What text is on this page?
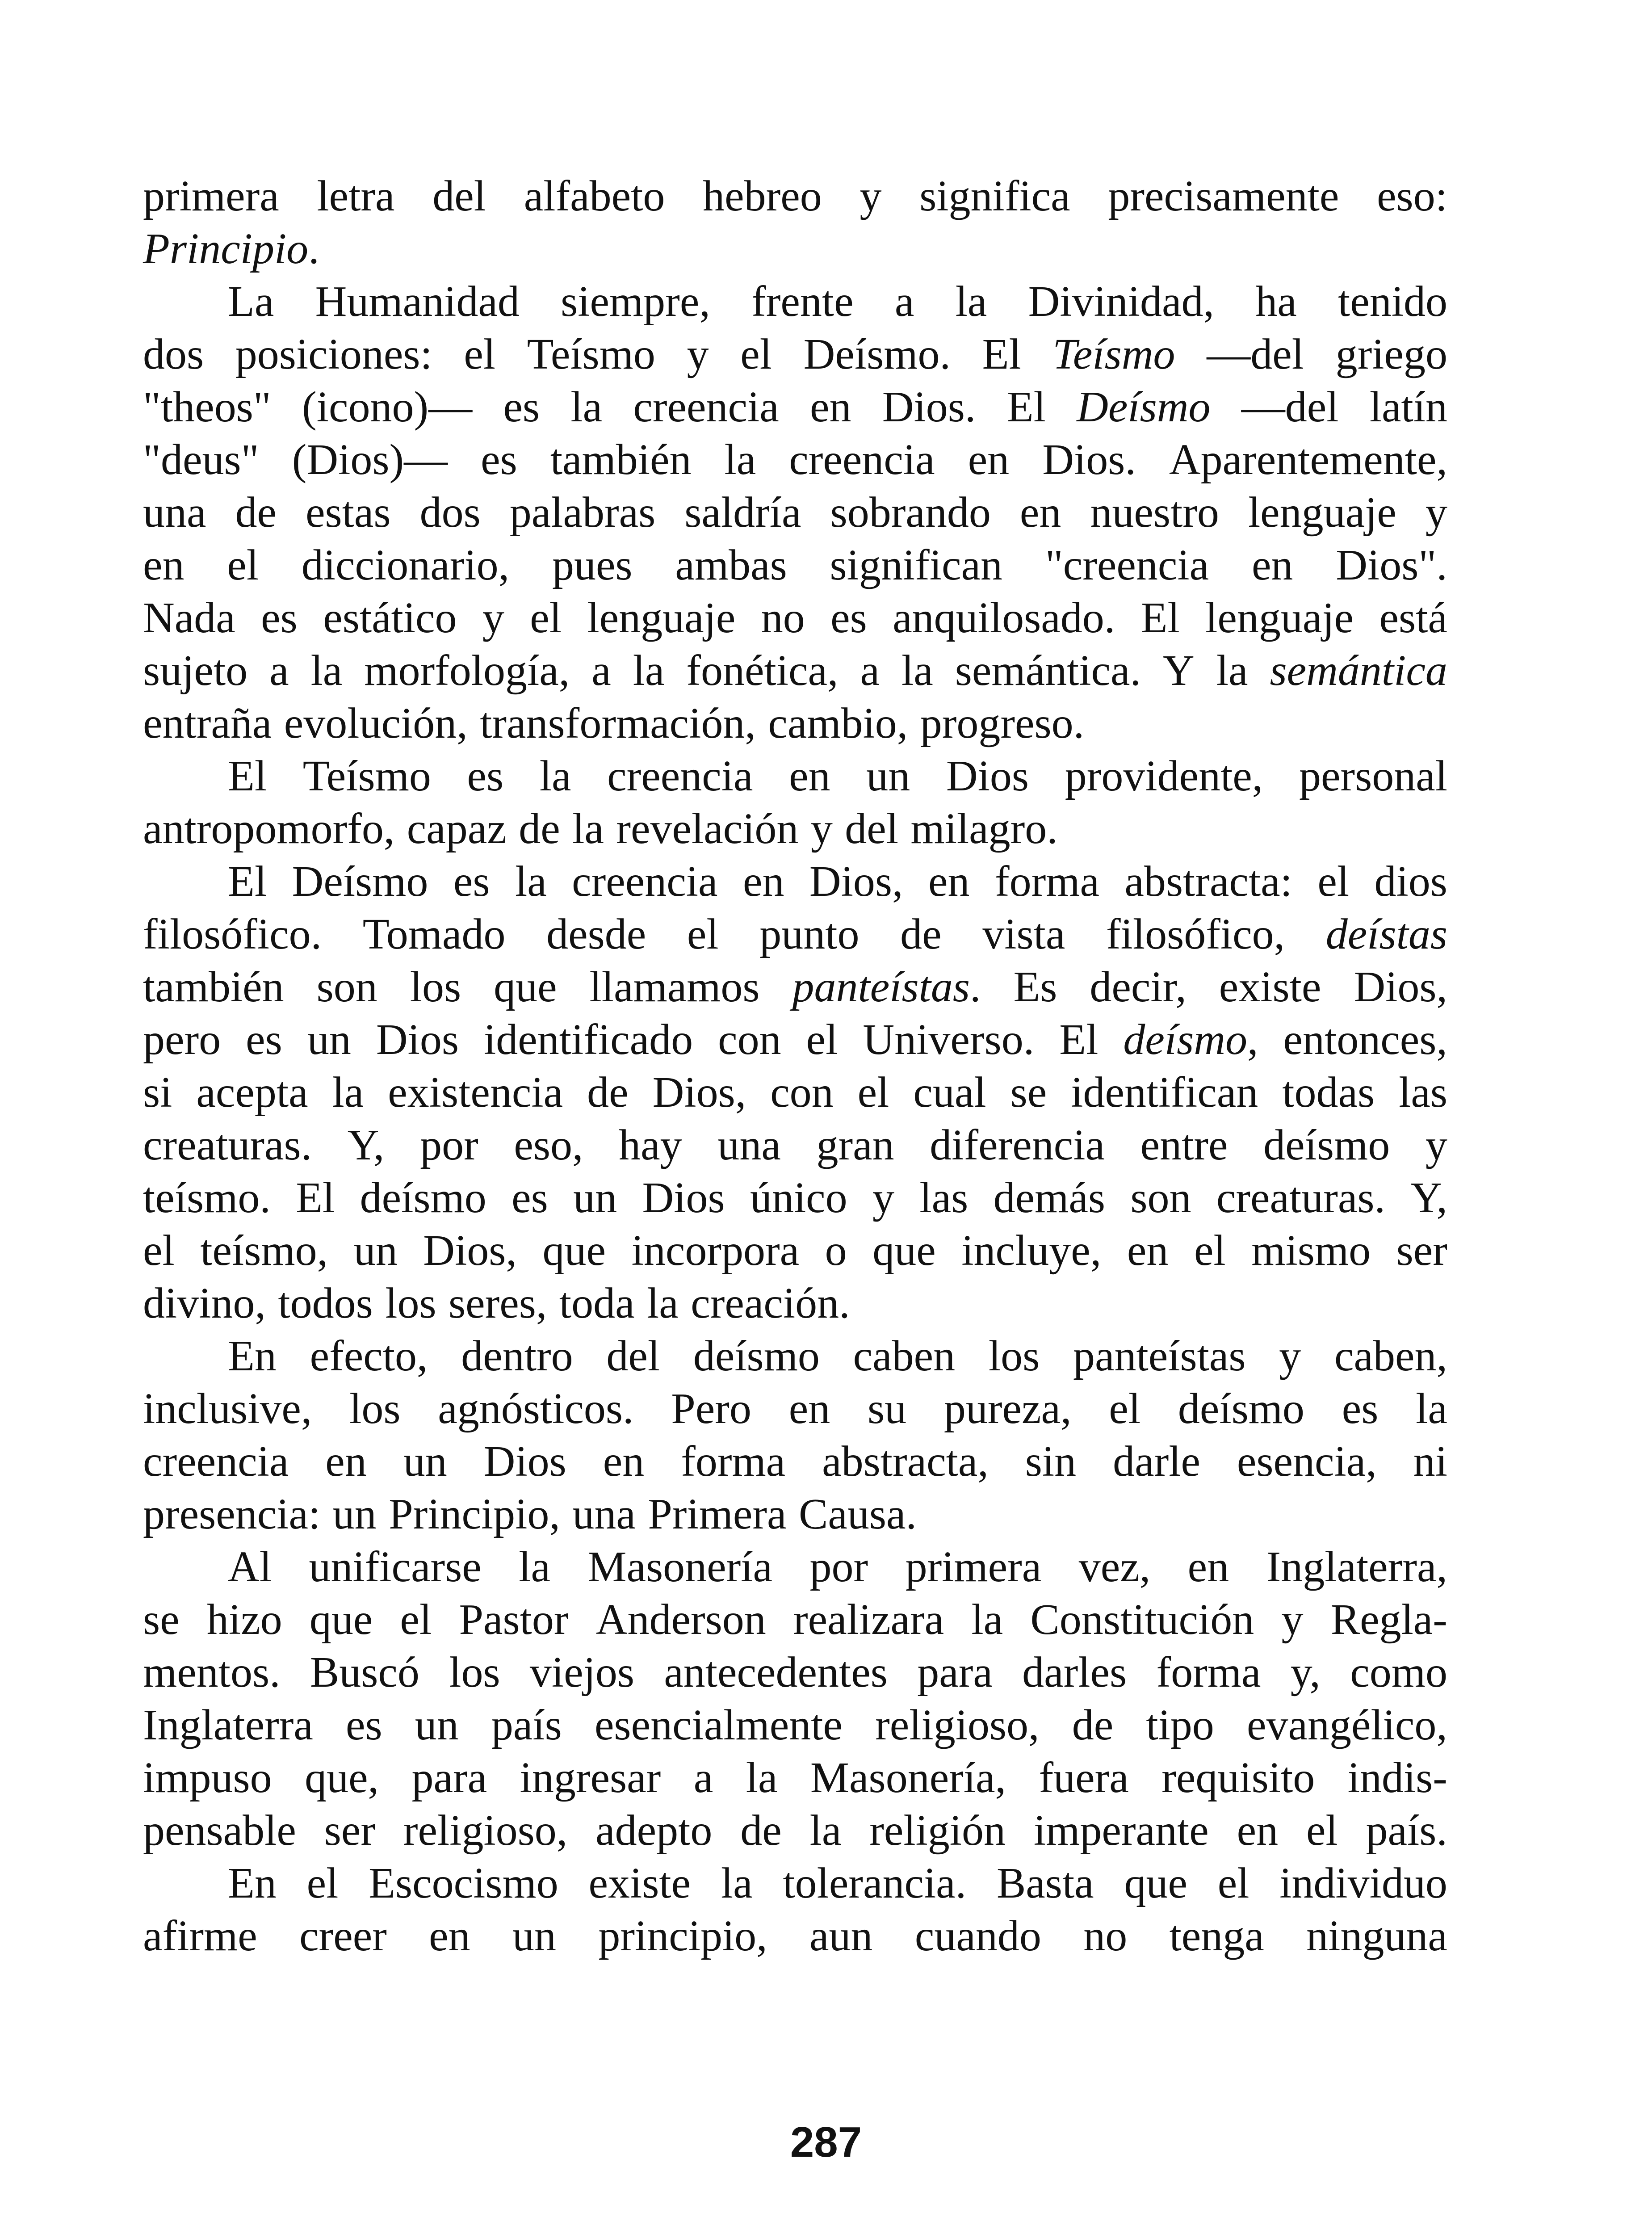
primera letra del alfabeto hebreo y significa precisamente eso:
Principio.
La Humanidad siempre, frente a la Divinidad, ha tenido
dos posiciones: el Teísmo y el Deísmo. El Teísmo —del griego
"theos" (icono)— es la creencia en Dios. El Deísmo —del latín
"deus" (Dios)— es también la creencia en Dios. Aparentemente,
una de estas dos palabras saldría sobrando en nuestro lenguaje y
en el diccionario, pues ambas significan "creencia en Dios".
Nada es estático y el lenguaje no es anquilosado. El lenguaje está
sujeto a la morfología, a la fonética, a la semántica. Y la semántica
entraña evolución, transformación, cambio, progreso.
El Teísmo es la creencia en un Dios providente, personal
antropomorfo, capaz de la revelación y del milagro.
El Deísmo es la creencia en Dios, en forma abstracta: el dios
filosófico. Tomado desde el punto de vista filosófico, deístas
también son los que llamamos panteístas. Es decir, existe Dios,
pero es un Dios identificado con el Universo. El deísmo, entonces,
si acepta la existencia de Dios, con el cual se identifican todas las
creaturas. Y, por eso, hay una gran diferencia entre deísmo y
teísmo. El deísmo es un Dios único y las demás son creaturas. Y,
el teísmo, un Dios, que incorpora o que incluye, en el mismo ser
divino, todos los seres, toda la creación.
En efecto, dentro del deísmo caben los panteístas y caben,
inclusive, los agnósticos. Pero en su pureza, el deísmo es la
creencia en un Dios en forma abstracta, sin darle esencia, ni
presencia: un Principio, una Primera Causa.
Al unificarse la Masonería por primera vez, en Inglaterra,
se hizo que el Pastor Anderson realizara la Constitución y Regla-
mentos. Buscó los viejos antecedentes para darles forma y, como
Inglaterra es un país esencialmente religioso, de tipo evangélico,
impuso que, para ingresar a la Masonería, fuera requisito indis-
pensable ser religioso, adepto de la religión imperante en el país.
En el Escocismo existe la tolerancia. Basta que el individuo
afirme creer en un principio, aun cuando no tenga ninguna
287
